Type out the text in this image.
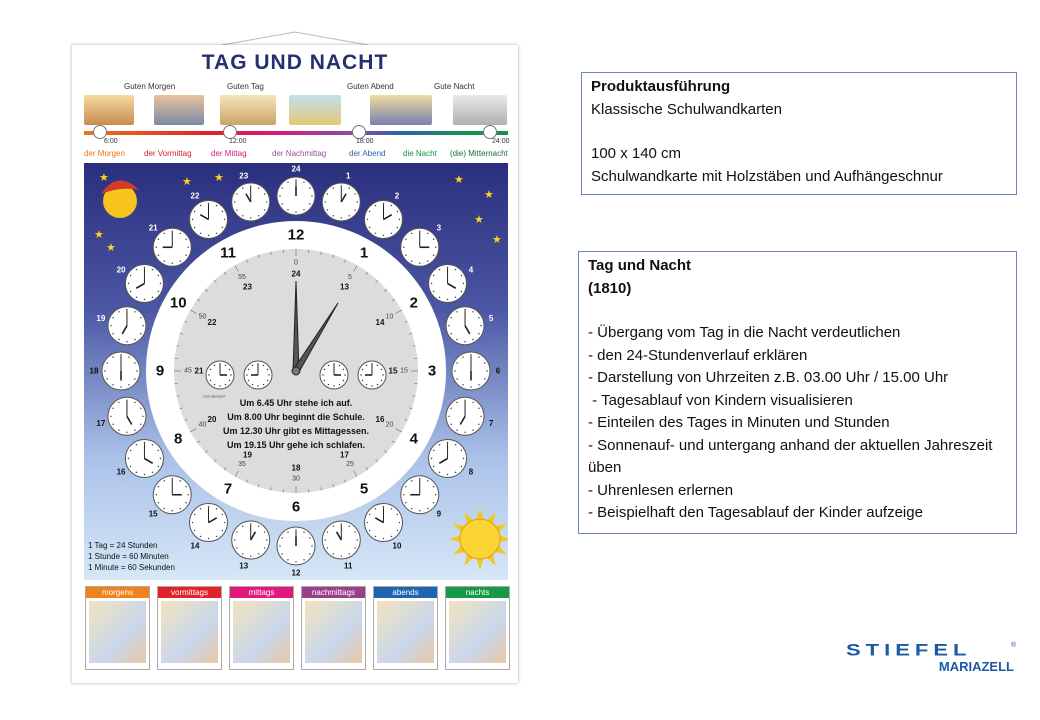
TAG UND NACHT
Guten Morgen	Guten Tag	Guten Abend	Gute Nacht
6:00	12:00	18:00	24:00
der Morgen der Vormittag der Mittag	der Nachmittag	der Abend die Nacht (die) Mitternacht
★	★ ★	★
★
★
★
★
★
24
1
2
3
4
5
6
7
8
9
10
11
12
13
14
15
16
17
18
19
20
21
22
23
12
0
24
1
5
13
2
10
14
3
15
15
4
20
16
5
25
17
6
30
18
7
35
19
8
40
20
9	45 21
10
50
22
11
55
23
zum Beispiel
Um 6.45 Uhr stehe ich auf.
Um 8.00 Uhr beginnt die Schule.
Um 12.30 Uhr gibt es Mittagessen.
Um 19.15 Uhr gehe ich schlafen.
1 Tag = 24 Stunden
1 Stunde = 60 Minuten
1 Minute = 60 Sekunden
morgens	vormittags	mittags	nachmittags	abends	nachts
Produktausführung
Klassische Schulwandkarten
100 x 140 cm
Schulwandkarte mit Holzstäben und Aufhängeschnur
Tag und Nacht
(1810)
- Übergang vom Tag in die Nacht verdeutlichen
- den 24-Stundenverlauf erklären
- Darstellung von Uhrzeiten z.B. 03.00 Uhr / 15.00 Uhr
- Tagesablauf von Kindern visualisieren
- Einteilen des Tages in Minuten und Stunden
- Sonnenauf- und untergang anhand der aktuellen Jahreszeit üben
- Uhrenlesen erlernen
- Beispielhaft den Tagesablauf der Kinder aufzeige
STIEFEL	®
MARIAZELL
